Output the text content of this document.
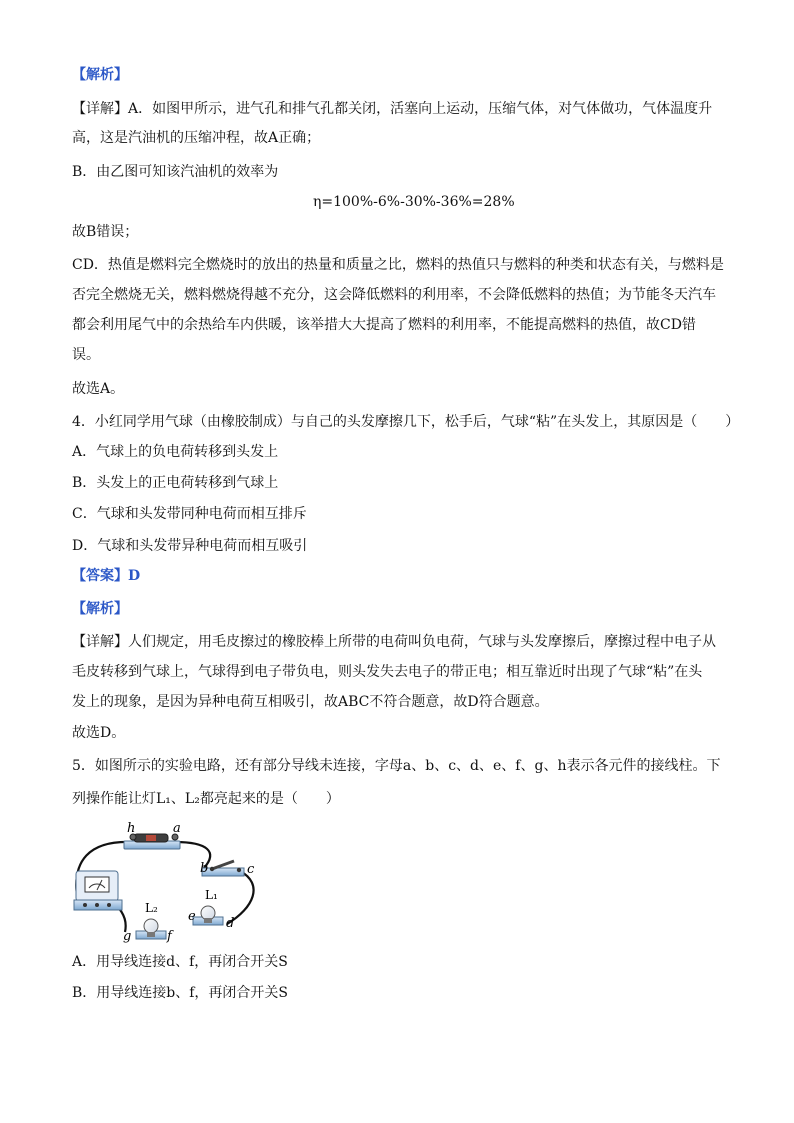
【解析】
【详解】A．如图甲所示，进气孔和排气孔都关闭，活塞向上运动，压缩气体，对气体做功，气体温度升
高，这是汽油机的压缩冲程，故A正确；
B．由乙图可知该汽油机的效率为
η=100%-6%-30%-36%=28%
故B错误；
CD．热值是燃料完全燃烧时的放出的热量和质量之比，燃料的热值只与燃料的种类和状态有关，与燃料是
否完全燃烧无关，燃料燃烧得越不充分，这会降低燃料的利用率，不会降低燃料的热值；为节能冬天汽车
都会利用尾气中的余热给车内供暖，该举措大大提高了燃料的利用率，不能提高燃料的热值，故CD错
误。
故选A。
4．小红同学用气球（由橡胶制成）与自己的头发摩擦几下，松手后，气球“粘”在头发上，其原因是（　　）
A．气球上的负电荷转移到头发上
B．头发上的正电荷转移到气球上
C．气球和头发带同种电荷而相互排斥
D．气球和头发带异种电荷而相互吸引
【答案】D
【解析】
【详解】人们规定，用毛皮擦过的橡胶棒上所带的电荷叫负电荷，气球与头发摩擦后，摩擦过程中电子从
毛皮转移到气球上，气球得到电子带负电，则头发失去电子的带正电；相互靠近时出现了气球“粘”在头
发上的现象，是因为异种电荷互相吸引，故ABC不符合题意，故D符合题意。
故选D。
5．如图所示的实验电路，还有部分导线未连接，字母a、b、c、d、e、f、g、h表示各元件的接线柱。下
列操作能让灯L₁、L₂都亮起来的是（　　）
h	a
b	c
e d
L₁
L₂
g	f
A．用导线连接d、f，再闭合开关S
B．用导线连接b、f，再闭合开关S
